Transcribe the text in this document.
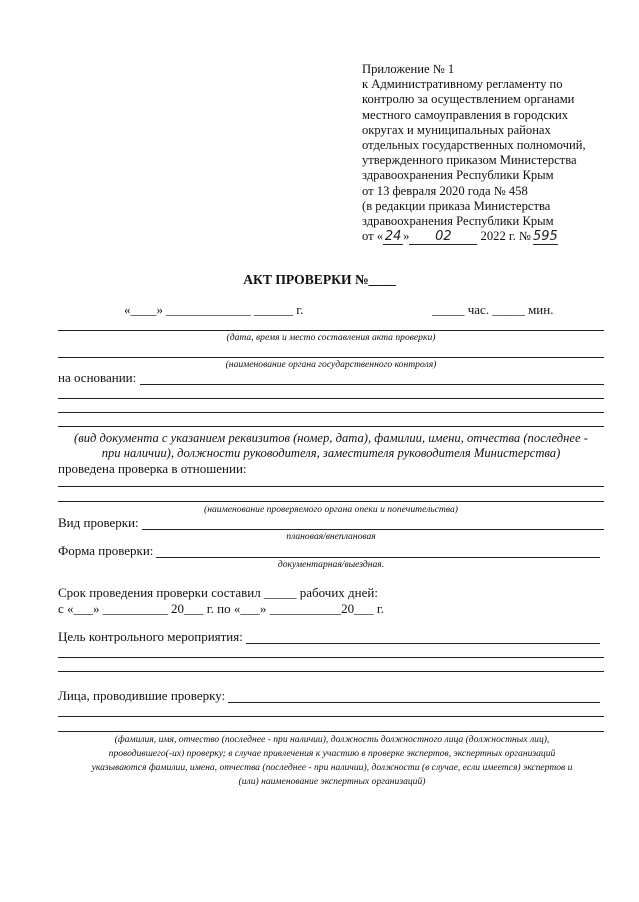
Приложение № 1
к Административному регламенту по
контролю за осуществлением органами
местного самоуправления в городских
округах и муниципальных районах
отдельных государственных полномочий,
утвержденного приказом Министерства
здравоохранения Республики Крым
от 13 февраля 2020 года № 458
(в редакции приказа Министерства
здравоохранения Республики Крым
от « 24 » 02 2022 г. № 595
АКТ ПРОВЕРКИ №____
«____» _____________ ______ г.	_____ час. _____ мин.
(дата, время и место составления акта проверки)
(наименование органа государственного контроля)
на основании:
(вид документа с указанием реквизитов (номер, дата), фамилии, имени, отчества (последнее -
при наличии), должности руководителя, заместителя руководителя Министерства)
проведена проверка в отношении:
(наименование проверяемого органа опеки и попечительства)
Вид проверки:
плановая/внеплановая
Форма проверки:
документарная/выездная.
Срок проведения проверки составил _____ рабочих дней:
с «___» __________ 20___ г. по «___» ___________20___ г.
Цель контрольного мероприятия:
Лица, проводившие проверку:
(фамилия, имя, отчество (последнее - при наличии), должность должностного лица (должностных лиц),
проводившего(-их) проверку; в случае привлечения к участию в проверке экспертов, экспертных организаций
указываются фамилии, имена, отчества (последнее - при наличии), должности (в случае, если имеется) экспертов и
(или) наименование экспертных организаций)
